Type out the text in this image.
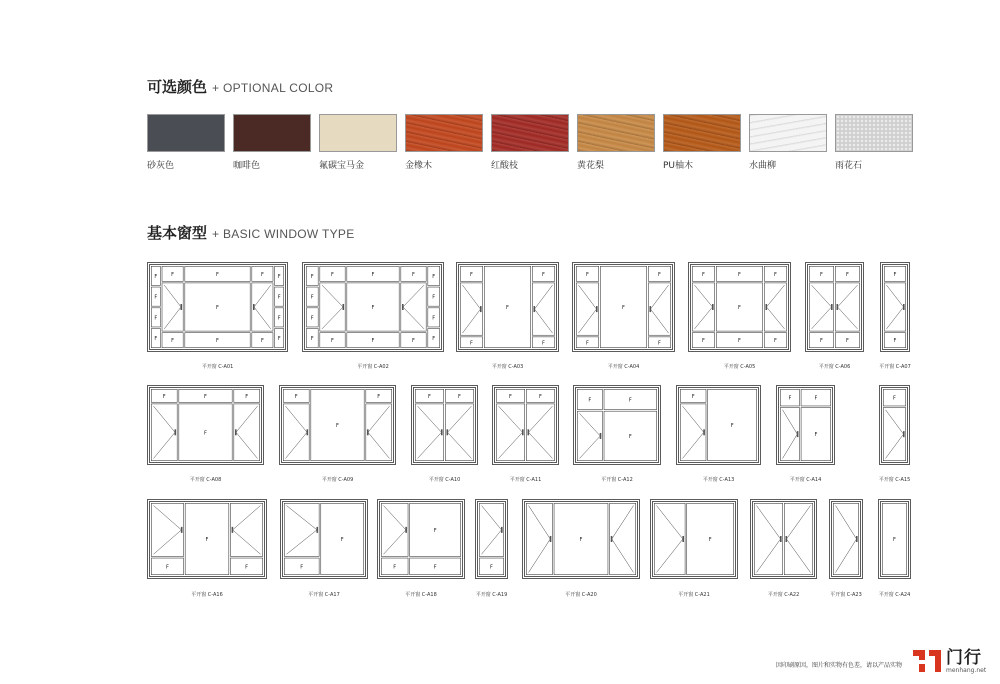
可选颜色 + OPTIONAL COLOR
砂灰色	咖啡色	氟碳宝马金	金橡木	红酸枝	黄花梨	PU柚木	水曲柳	雨花石
基本窗型 + BASIC WINDOW TYPE
F
F
F
F
F
F
F
F
F
F
F
F
F
F
F
平开窗 C-A01
F
F
F
F
F
F
F
F
F
F
F
F
F
F
F
平开窗 C-A02
F
F
F
F
F
平开窗 C-A03
F
F
F
F
F
平开窗 C-A04
F
F
F
F
F
F
F
平开窗 C-A05
F
F
F
F
平开窗 C-A06
F
F
平开窗 C-A07
F	F
F
F
平开窗 C-A08
F
F
F
平开窗 C-A09
F	F
平开窗 C-A10
F	F
平开窗 C-A11
F	F
F
平开窗 C-A12
F
F
平开窗 C-A13
F	F
F
平开窗 C-A14
F
平开窗 C-A15
F
F
F
平开窗 C-A16
F
F
平开窗 C-A17
F
F
F
平开窗 C-A18
F
平开窗 C-A19
F
平开窗 C-A20
F
平开窗 C-A21	平开窗 C-A22	平开窗 C-A23
F
平开窗 C-A24
因印刷原因，图片和实物有色差，请以产品实物	门行
menhang.net
